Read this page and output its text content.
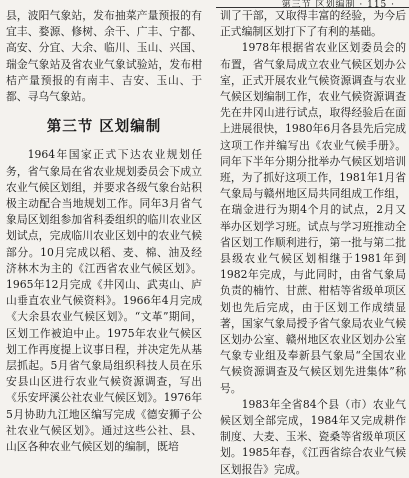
第三节 区划编制 · 115 ·

县，波阳气象站，发布抽菜产量预报的有宜丰、婺源、修树、余干、广丰、宁都、高安、分宜、大余、临川、玉山、兴国、瑞金气象站及省农业气象试验站，发布柑桔产量预报的有南丰、吉安、玉山、于都、寻乌气象站。

第三节 区划编制

1964年国家正式下达农业规划任务，省气象局在省农业规划委员会下成立农业气候区划组，并要求各级气象台站积极主动配合当地规划工作。同年3月省气象局区划组参加省科委组织的临川农业区划试点，完成临川农业区划中的农业气候部分。10月完成以稻、麦、棉、油及经济林木为主的《江西省农业气候区划》。1965年12月完成《井冈山、武夷山、庐山垂直农业气候资料》。1966年4月完成《大余县农业气候区划》。“文革”期间，区划工作被迫中止。1975年农业气候区划工作再度提上议事日程，并决定先从基层抓起。5月省气象局组织科技人员在乐安县山区进行农业气候资源调查，写出《乐安坪溪公社农业气候区划》。1976年5月协助九江地区编写完成《德安狮子公社农业气候区划》。通过这些公社、县、山区各种农业气候区划的编制，既培

训了干部，又取得丰富的经验，为今后正式编制区划打下了有利的基础。

1978年根据省农业区划委员会的布置，省气象局成立农业气候区划办公室，正式开展农业气候资源调查与农业气候区划编制工作，农业气候资源调查先在井冈山进行试点，取得经验后在面上进展很快，1980年6月各县先后完成这项工作并编写出《农业气候手册》。同年下半年分期分批举办气候区划培训班，为了抓好这项工作，1981年1月省气象局与赣州地区局共同组成工作组，在瑞金进行为期4个月的试点，2月又举办区划学习班。试点与学习班推动全省区划工作顺利进行，第一批与第二批县级农业气候区划相继于1981年到1982年完成，与此同时，由省气象局负责的楠竹、甘蔗、柑桔等省级单项区划也先后完成，由于区划工作成绩显著，国家气象局授予省气象局农业气候区划办公室、赣州地区农业区划办公室气象专业组及奉新县气象局“全国农业气候资源调查及气候区划先进集体”称号。

1983年全省84个县（市）农业气候区划全部完成，1984年又完成耕作制度、大麦、玉米、瓷桑等省级单项区划。1985年春，《江西省综合农业气候区划报告》完成。
